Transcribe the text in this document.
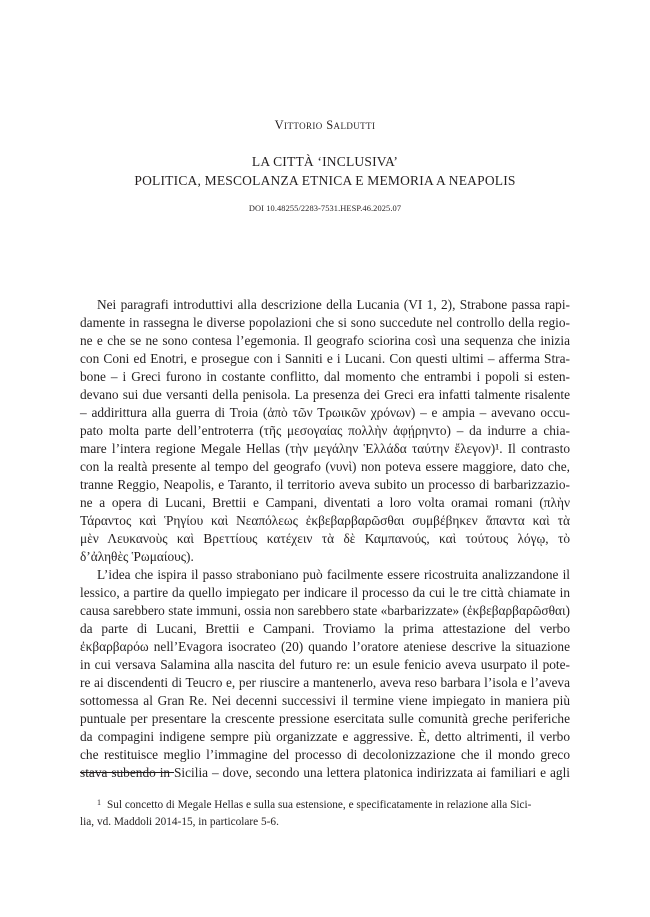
Vittorio Saldutti
LA CITTÀ ‘INCLUSIVA’
POLITICA, MESCOLANZA ETNICA E MEMORIA A NEAPOLIS
DOI 10.48255/2283-7531.HESP.46.2025.07

Nei paragrafi introduttivi alla descrizione della Lucania (VI 1, 2), Strabone passa rapi-

damente in rassegna le diverse popolazioni che si sono succedute nel controllo della regio-

ne e che se ne sono contesa l’egemonia. Il geografo sciorina così una sequenza che inizia

con Coni ed Enotri, e prosegue con i Sanniti e i Lucani. Con questi ultimi – afferma Stra-

bone – i Greci furono in costante conflitto, dal momento che entrambi i popoli si esten-

devano sui due versanti della penisola. La presenza dei Greci era infatti talmente risalente

– addirittura alla guerra di Troia (ἀπὸ τῶν Τρωικῶν χρόνων) – e ampia – avevano occu-

pato molta parte dell’entroterra (τῆς μεσογαίας πολλὴν ἀφῄρηντο) – da indurre a chia-

mare l’intera regione Megale Hellas (τὴν μεγάλην Ἑλλάδα ταύτην ἔλεγον)¹. Il contrasto

con la realtà presente al tempo del geografo (νυνὶ) non poteva essere maggiore, dato che,

tranne Reggio, Neapolis, e Taranto, il territorio aveva subito un processo di barbarizzazio-

ne a opera di Lucani, Brettii e Campani, diventati a loro volta oramai romani (πλὴν

Τάραντος καὶ Ῥηγίου καὶ Νεαπόλεως ἐκβεβαρβαρῶσθαι συμβέβηκεν ἅπαντα καὶ τὰ

μὲν Λευκανοὺς καὶ Βρεττίους κατέχειν τὰ δὲ Καμπανούς, καὶ τούτους λόγῳ, τὸ

δ’ἀληθὲς Ῥωμαίους).

L’idea che ispira il passo straboniano può facilmente essere ricostruita analizzandone il

lessico, a partire da quello impiegato per indicare il processo da cui le tre città chiamate in

causa sarebbero state immuni, ossia non sarebbero state «barbarizzate» (ἐκβεβαρβαρῶσθαι)

da parte di Lucani, Brettii e Campani. Troviamo la prima attestazione del verbo

ἐκβαρβαρόω nell’Evagora isocrateo (20) quando l’oratore ateniese descrive la situazione

in cui versava Salamina alla nascita del futuro re: un esule fenicio aveva usurpato il pote-

re ai discendenti di Teucro e, per riuscire a mantenerlo, aveva reso barbara l’isola e l’aveva

sottomessa al Gran Re. Nei decenni successivi il termine viene impiegato in maniera più

puntuale per presentare la crescente pressione esercitata sulle comunità greche periferiche

da compagini indigene sempre più organizzate e aggressive. È, detto altrimenti, il verbo

che restituisce meglio l’immagine del processo di decolonizzazione che il mondo greco

stava subendo in Sicilia – dove, secondo una lettera platonica indirizzata ai familiari e agli

$^1$ Sul concetto di Megale Hellas e sulla sua estensione, e specificatamente in relazione alla Sici-

lia, vd. Maddoli 2014-15, in particolare 5-6.
